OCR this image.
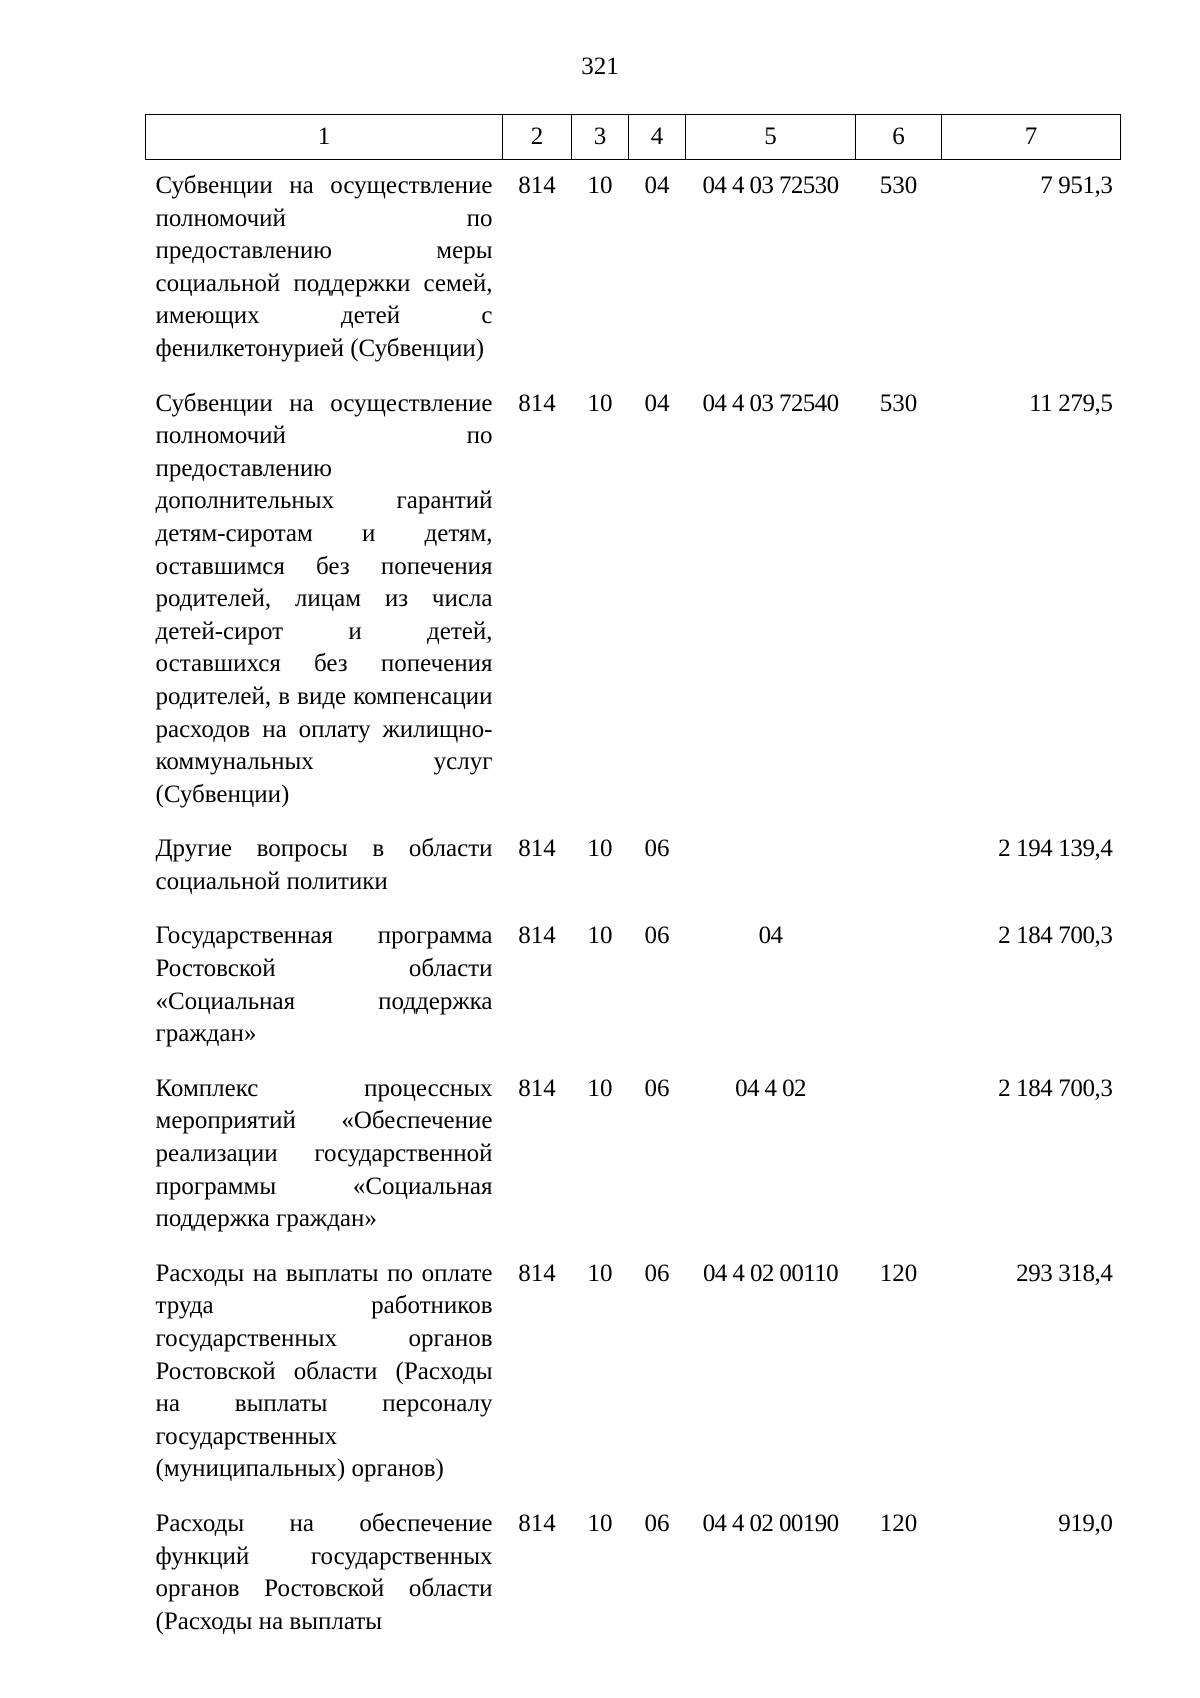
321
1	2	3	4	5	6	7
Субвенции на осуществление полномочий по предоставлению меры социальной поддержки семей, имеющих детей с фенилкетонурией (Субвенции)	814	10	04	04 4 03 72530	530	7 951,3
Субвенции на осуществление полномочий по предоставлению дополнительных гарантий детям-сиротам и детям, оставшимся без попечения родителей, лицам из числа детей-сирот и детей, оставшихся без попечения родителей, в виде компенсации расходов на оплату жилищно-коммунальных услуг (Субвенции)	814	10	04	04 4 03 72540	530	11 279,5
Другие вопросы в области социальной политики	814	10	06			2 194 139,4
Государственная программа Ростовской области «Социальная поддержка граждан»	814	10	06	04		2 184 700,3
Комплекс процессных мероприятий «Обеспечение реализации государственной программы «Социальная поддержка граждан»	814	10	06	04 4 02		2 184 700,3
Расходы на выплаты по оплате труда работников государственных органов Ростовской области (Расходы на выплаты персоналу государственных (муниципальных) органов)	814	10	06	04 4 02 00110	120	293 318,4
Расходы на обеспечение функций государственных органов Ростовской области (Расходы на выплаты	814	10	06	04 4 02 00190	120	919,0
